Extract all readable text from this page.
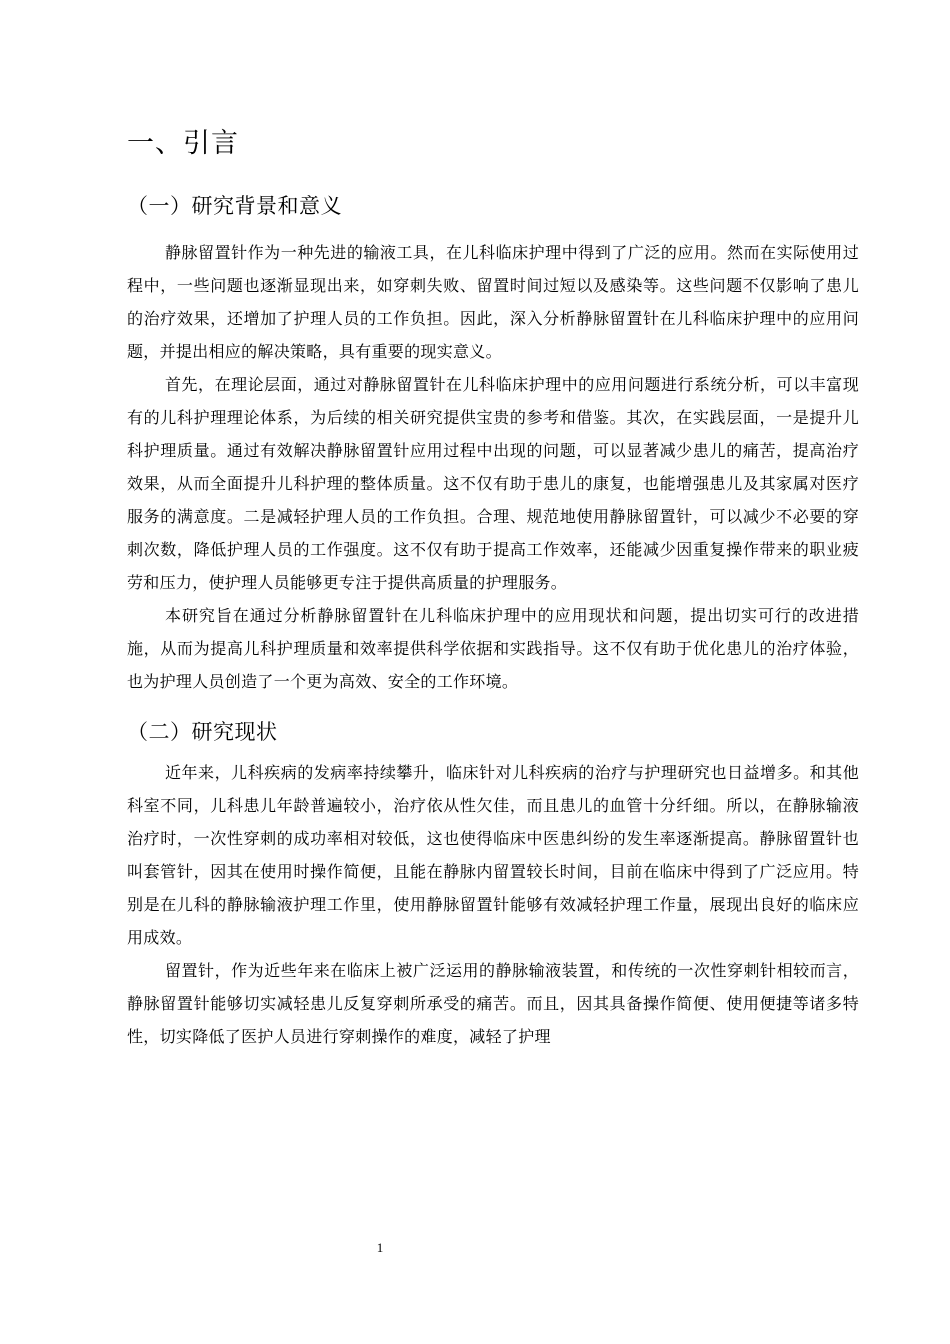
一、引言
（一）研究背景和意义

静脉留置针作为一种先进的输液工具，在儿科临床护理中得到了广泛的应用。然而在实际使用过程中，一些问题也逐渐显现出来，如穿刺失败、留置时间过短以及感染等。这些问题不仅影响了患儿的治疗效果，还增加了护理人员的工作负担。因此，深入分析静脉留置针在儿科临床护理中的应用问题，并提出相应的解决策略，具有重要的现实意义。

首先，在理论层面，通过对静脉留置针在儿科临床护理中的应用问题进行系统分析，可以丰富现有的儿科护理理论体系，为后续的相关研究提供宝贵的参考和借鉴。其次，在实践层面，一是提升儿科护理质量。通过有效解决静脉留置针应用过程中出现的问题，可以显著减少患儿的痛苦，提高治疗效果，从而全面提升儿科护理的整体质量。这不仅有助于患儿的康复，也能增强患儿及其家属对医疗服务的满意度。二是减轻护理人员的工作负担。合理、规范地使用静脉留置针，可以减少不必要的穿刺次数，降低护理人员的工作强度。这不仅有助于提高工作效率，还能减少因重复操作带来的职业疲劳和压力，使护理人员能够更专注于提供高质量的护理服务。

本研究旨在通过分析静脉留置针在儿科临床护理中的应用现状和问题，提出切实可行的改进措施，从而为提高儿科护理质量和效率提供科学依据和实践指导。这不仅有助于优化患儿的治疗体验，也为护理人员创造了一个更为高效、安全的工作环境。

（二）研究现状

近年来，儿科疾病的发病率持续攀升，临床针对儿科疾病的治疗与护理研究也日益增多。和其他科室不同，儿科患儿年龄普遍较小，治疗依从性欠佳，而且患儿的血管十分纤细。所以，在静脉输液治疗时，一次性穿刺的成功率相对较低，这也使得临床中医患纠纷的发生率逐渐提高。静脉留置针也叫套管针，因其在使用时操作简便，且能在静脉内留置较长时间，目前在临床中得到了广泛应用。特别是在儿科的静脉输液护理工作里，使用静脉留置针能够有效减轻护理工作量，展现出良好的临床应用成效。

留置针，作为近些年来在临床上被广泛运用的静脉输液装置，和传统的一次性穿刺针相较而言，静脉留置针能够切实减轻患儿反复穿刺所承受的痛苦。而且，因其具备操作简便、使用便捷等诸多特性，切实降低了医护人员进行穿刺操作的难度，减轻了护理

1
